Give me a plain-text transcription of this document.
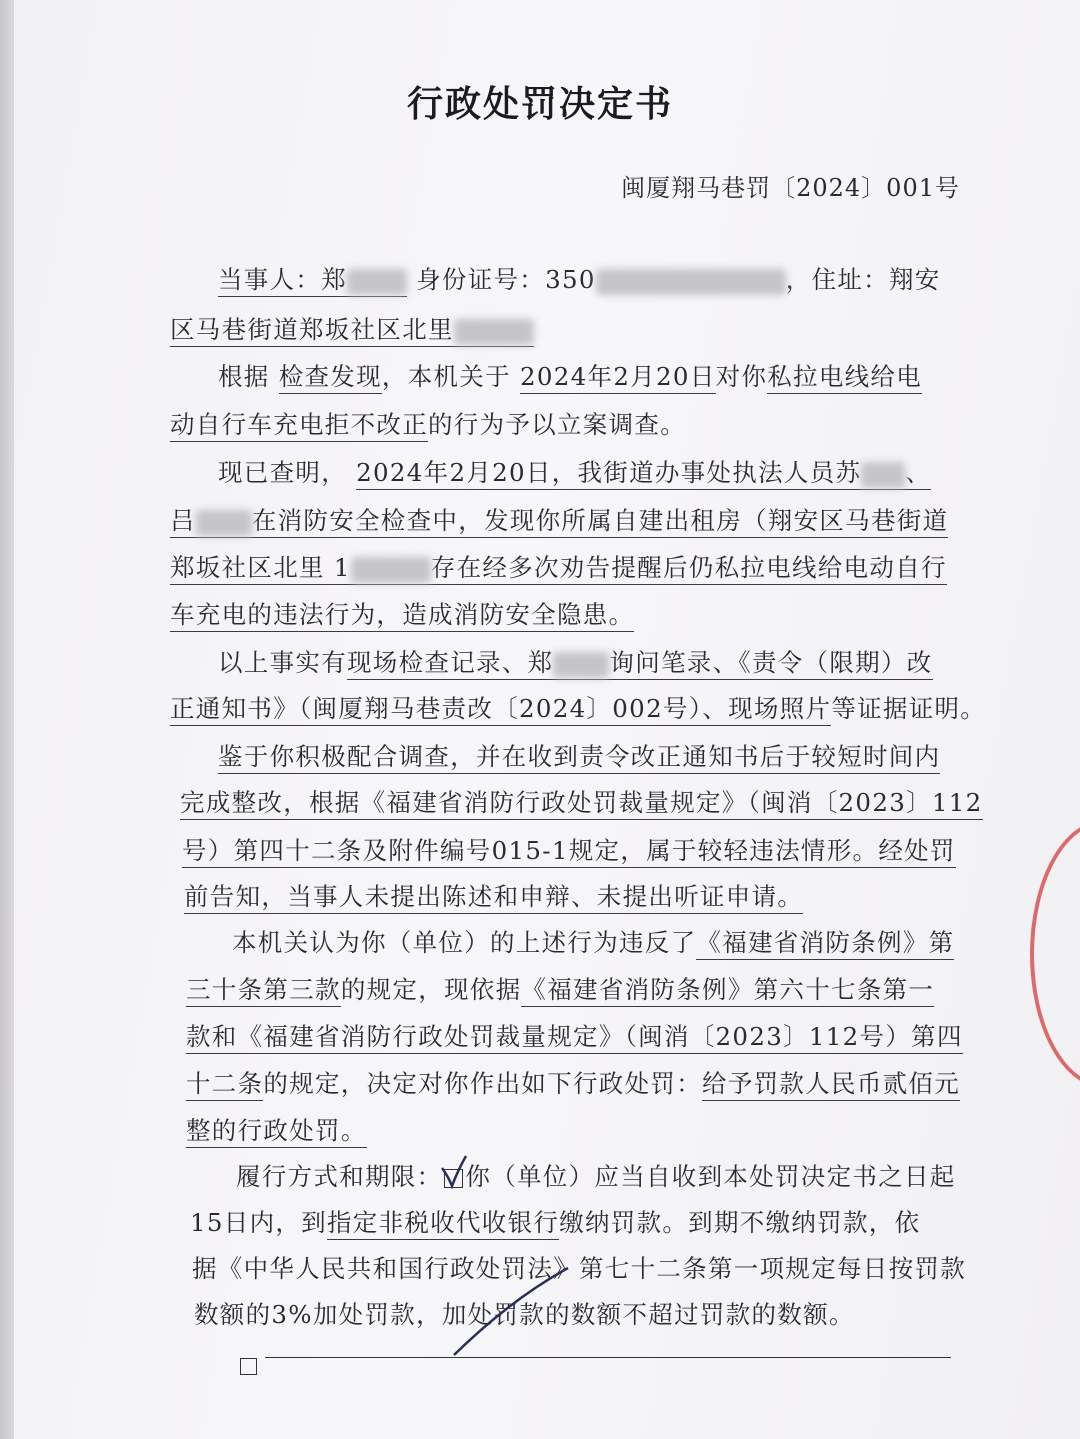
行政处罚决定书
闽厦翔马巷罚〔2024〕001号
当事人：郑	身份证号：350	，住址：翔安
区马巷街道郑坂社区北里
根据 检查发现，本机关于 2024年2月20日对你私拉电线给电
动自行车充电拒不改正的行为予以立案调查。
现已查明， 2024年2月20日，我街道办事处执法人员苏 、
吕 在消防安全检查中，发现你所属自建出租房（翔安区马巷街道
郑坂社区北里 1	存在经多次劝告提醒后仍私拉电线给电动自行
车充电的违法行为，造成消防安全隐患。
以上事实有现场检查记录、郑 询问笔录、《责令（限期）改
正通知书》（闽厦翔马巷责改〔2024〕002号）、现场照片等证据证明。
鉴于你积极配合调查，并在收到责令改正通知书后于较短时间内
完成整改，根据《福建省消防行政处罚裁量规定》（闽消〔2023〕112
号）第四十二条及附件编号015-1规定，属于较轻违法情形。经处罚
前告知，当事人未提出陈述和申辩、未提出听证申请。
本机关认为你（单位）的上述行为违反了《福建省消防条例》第
三十条第三款的规定，现依据《福建省消防条例》第六十七条第一
款和《福建省消防行政处罚裁量规定》（闽消〔2023〕112号）第四
十二条的规定，决定对你作出如下行政处罚：给予罚款人民币贰佰元
整的行政处罚。
履行方式和期限： 你（单位）应当自收到本处罚决定书之日起
15日内，到指定非税收代收银行缴纳罚款。到期不缴纳罚款，依
据《中华人民共和国行政处罚法》第七十二条第一项规定每日按罚款
数额的3%加处罚款，加处罚款的数额不超过罚款的数额。
